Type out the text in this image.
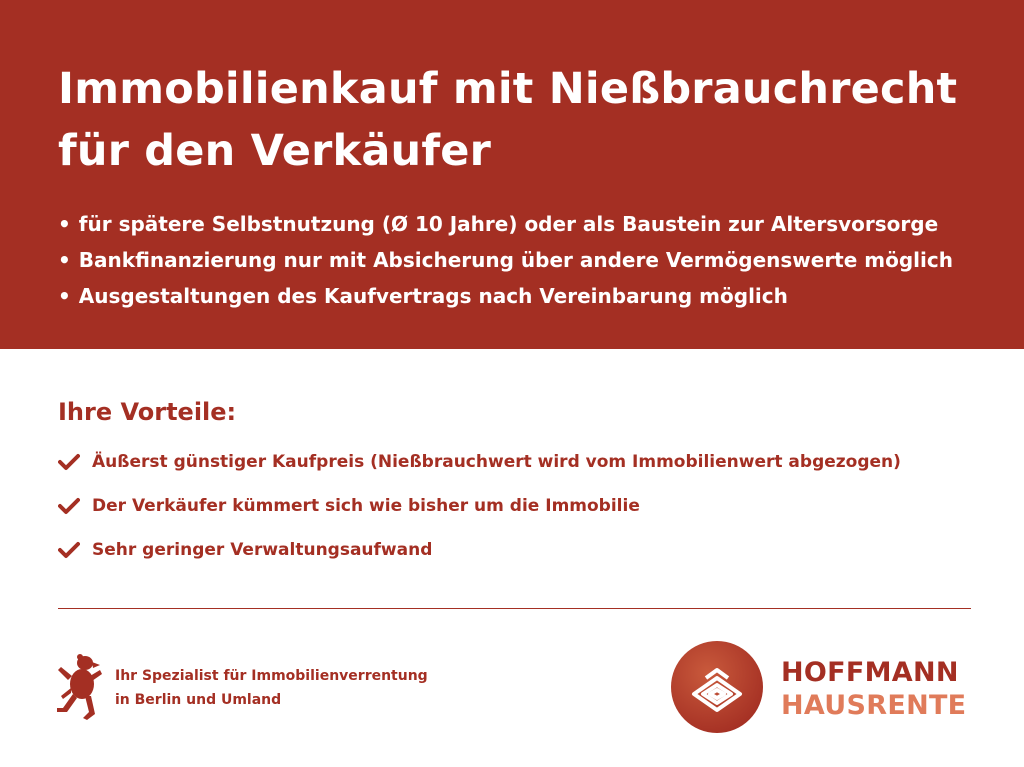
Immobilienkauf mit Nießbrauchrecht
für den Verkäufer
• für spätere Selbstnutzung (Ø 10 Jahre) oder als Baustein zur Altersvorsorge
• Bankfinanzierung nur mit Absicherung über andere Vermögenswerte möglich
• Ausgestaltungen des Kaufvertrags nach Vereinbarung möglich
Ihre Vorteile:
Äußerst günstiger Kaufpreis (Nießbrauchwert wird vom Immobilienwert abgezogen)
Der Verkäufer kümmert sich wie bisher um die Immobilie
Sehr geringer Verwaltungsaufwand
Ihr Spezialist für Immobilienverrentung
in Berlin und Umland
HOFFMANN
HAUSRENTE
